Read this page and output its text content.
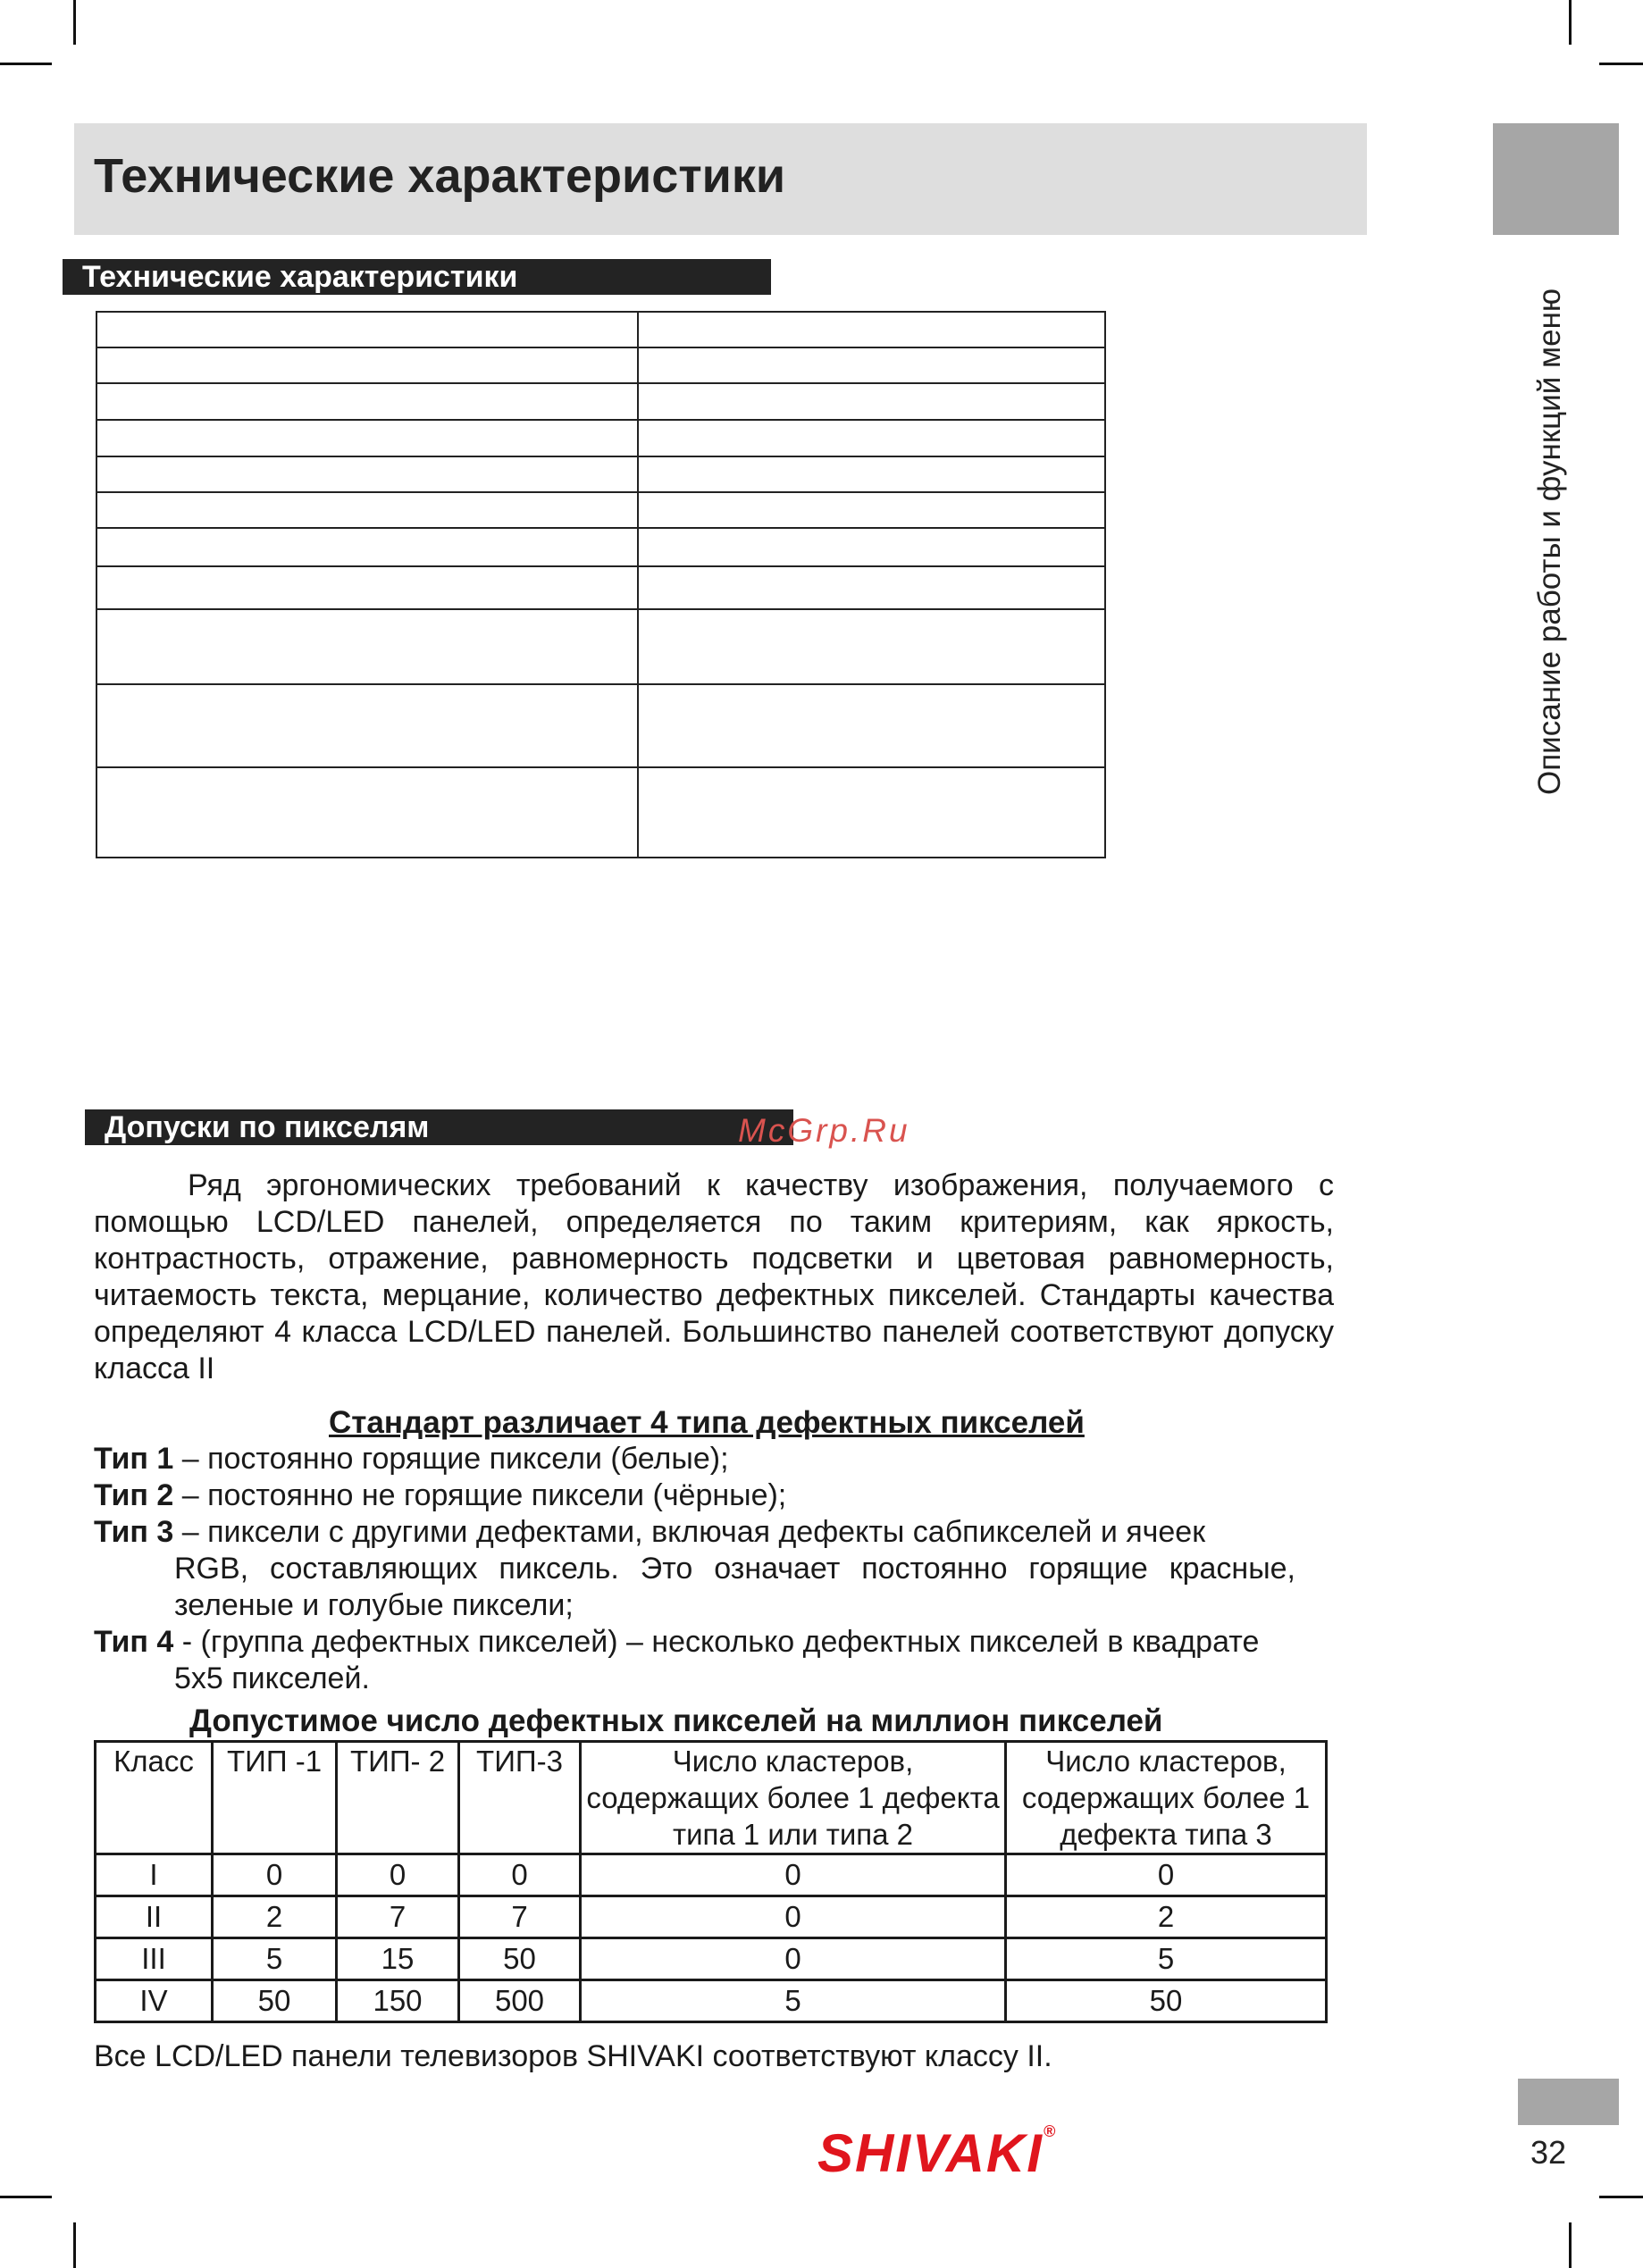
Технические характеристики
Описание работы и функций меню
Технические характеристики

Допуски по пикселям	McGrp.Ru
Ряд эргономических требований к качеству изображения, получаемого с помощью LCD/LED панелей, определяется по таким критериям, как яркость, контрастность, отражение, равномерность подсветки и цветовая равномерность, читаемость текста, мерцание, количество дефектных пикселей. Стандарты качества определяют 4 класса LCD/LED панелей. Большинство панелей соответствуют допуску класса II
Стандарт различает 4 типа дефектных пикселей
Тип 1 – постоянно горящие пиксели (белые);
Тип 2 – постоянно не горящие пиксели (чёрные);
Тип 3 – пиксели с другими дефектами, включая дефекты сабпикселей и ячеек
RGB, составляющих пиксель. Это означает постоянно горящие красные, зеленые и голубые пиксели;
Тип 4 - (группа дефектных пикселей) – несколько дефектных пикселей в квадрате
5x5 пикселей.
Допустимое число дефектных пикселей на миллион пикселей
Класс	ТИП -1	ТИП- 2	ТИП-3	Число кластеров, содержащих более 1 дефекта типа 1 или типа 2	Число кластеров, содержащих более 1 дефекта типа 3
I	0	0	0	0	0
II	2	7	7	0	2
III	5	15	50	0	5
IV	50	150	500	5	50
Все LCD/LED панели телевизоров SHIVAKI соответствуют классу II.
SHIVAKI®
32
